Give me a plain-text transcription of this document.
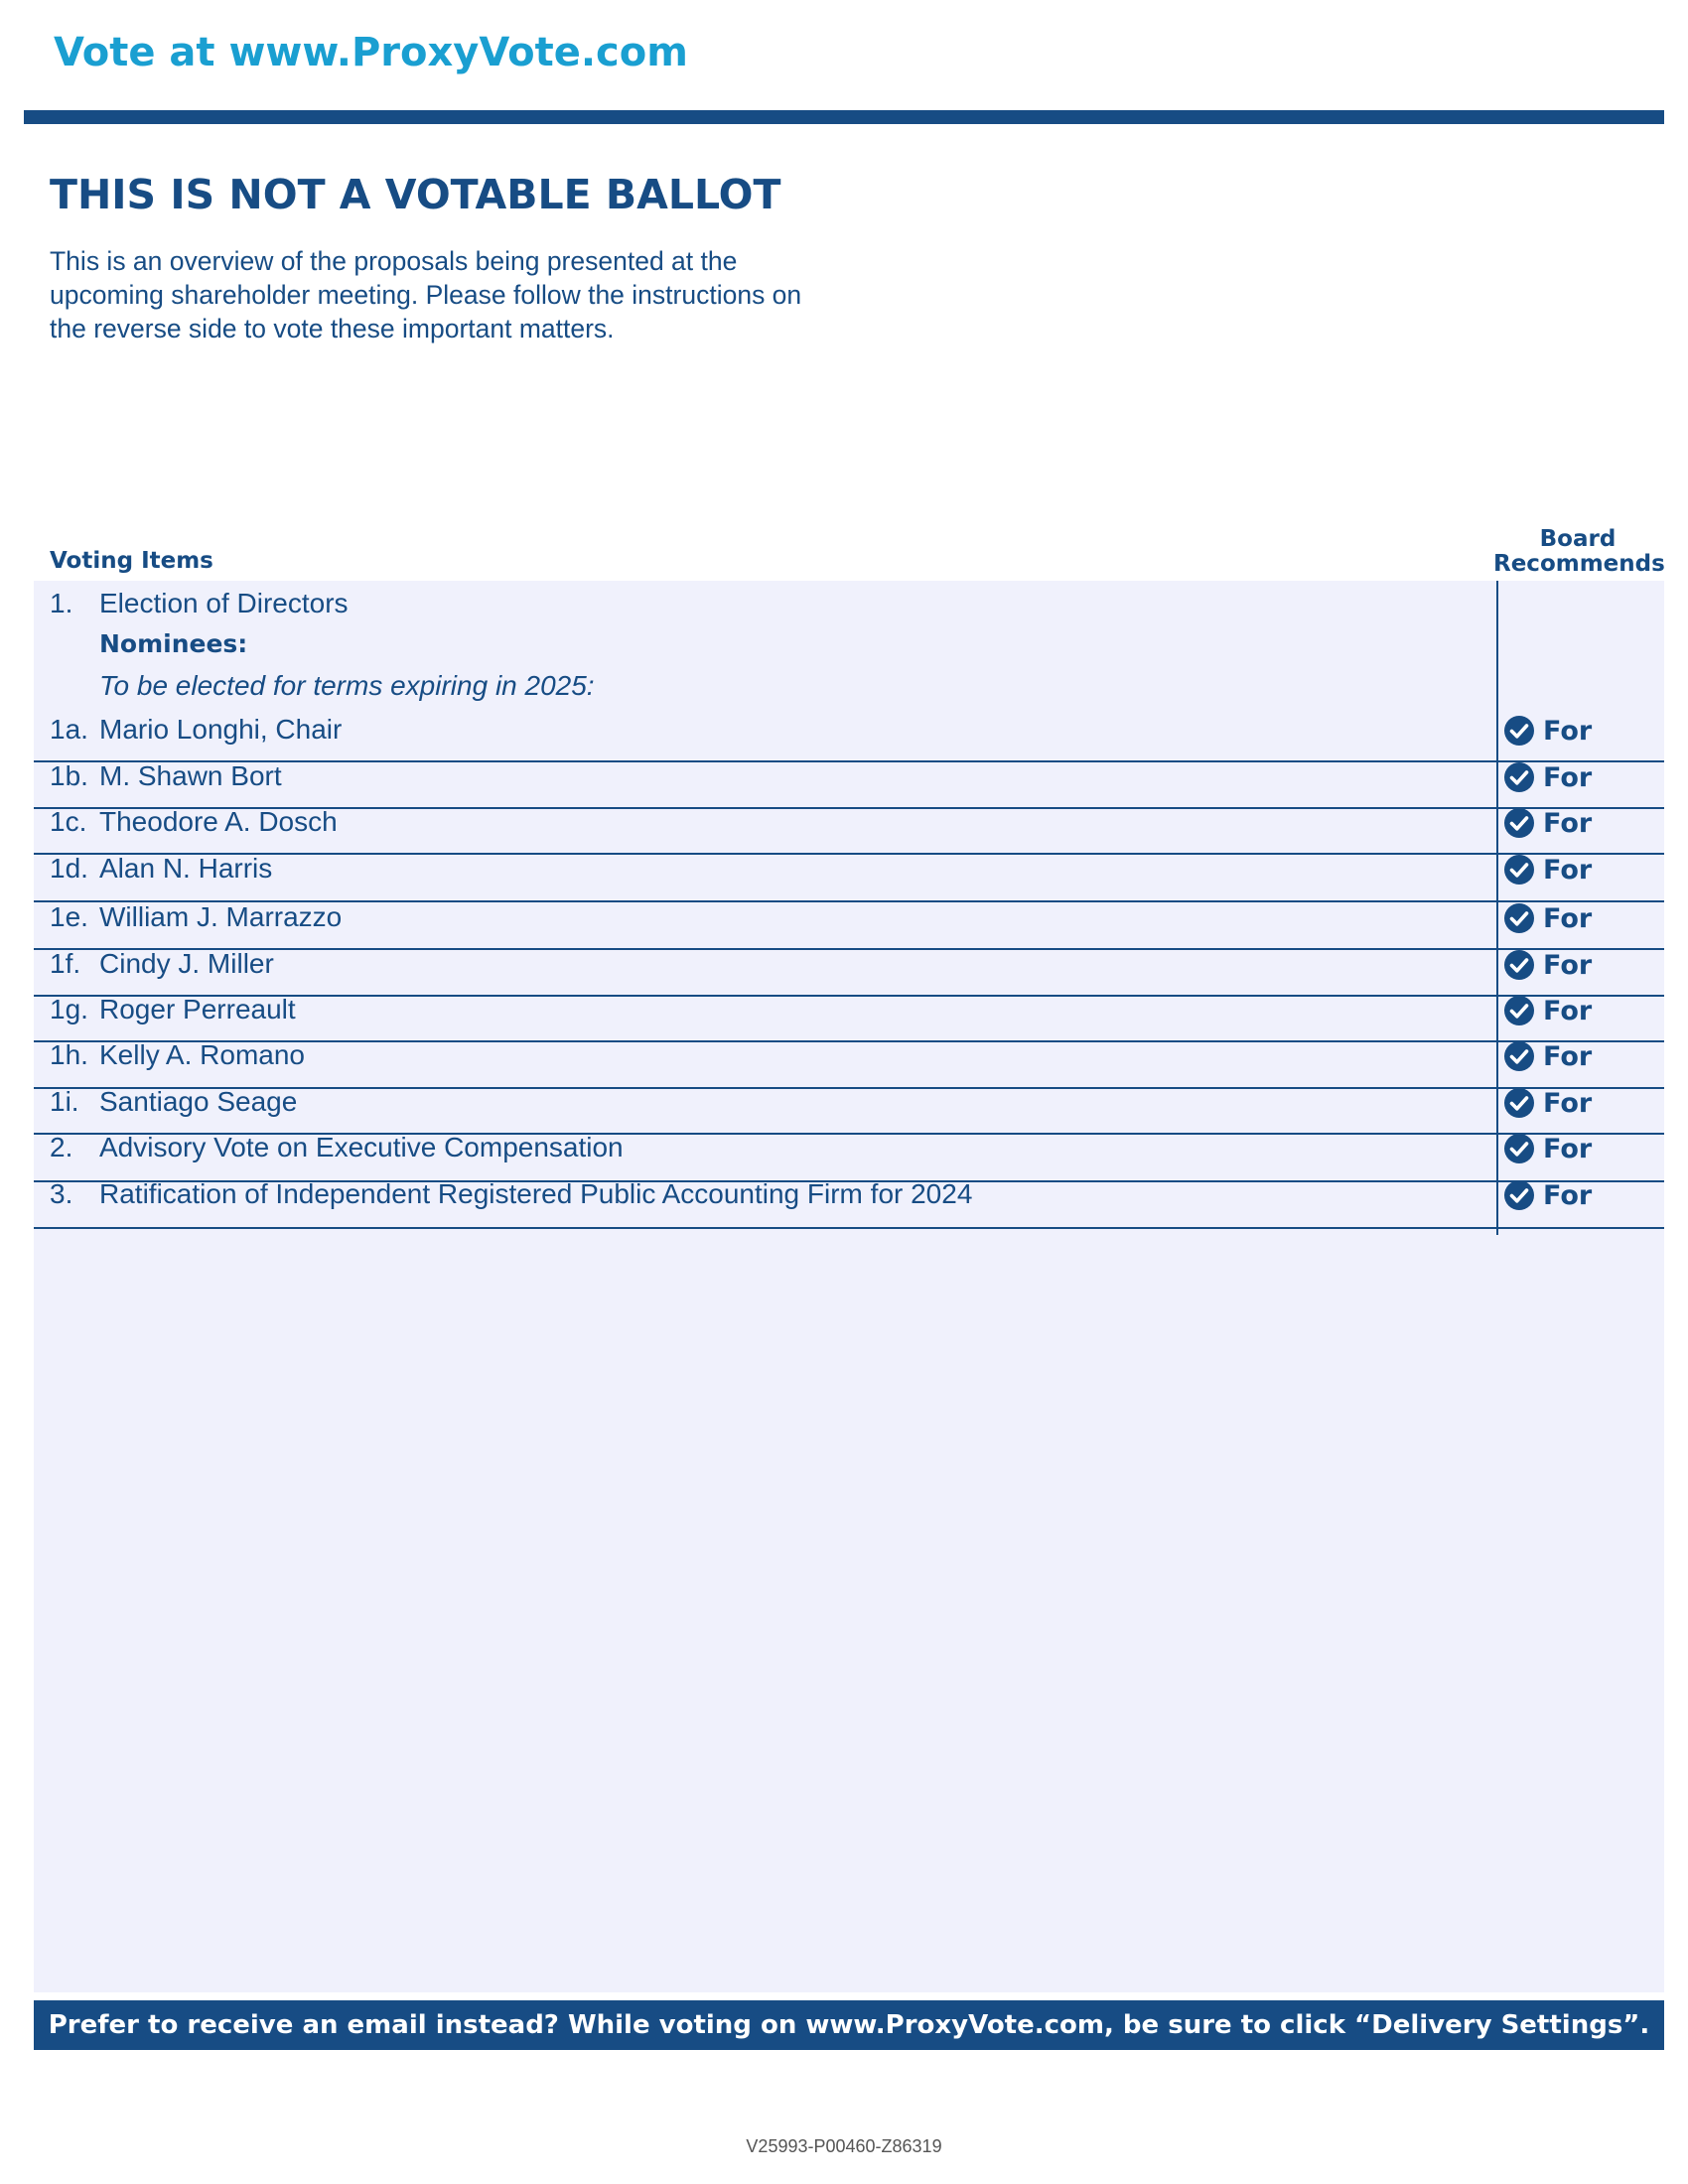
Vote at www.ProxyVote.com
THIS IS NOT A VOTABLE BALLOT
This is an overview of the proposals being presented at the upcoming shareholder meeting. Please follow the instructions on the reverse side to vote these important matters.
Voting Items
Board Recommends
1. Election of Directors
Nominees:
To be elected for terms expiring in 2025:
1a. Mario Longhi, Chair	For
1b. M. Shawn Bort	For
1c. Theodore A. Dosch	For
1d. Alan N. Harris	For
1e. William J. Marrazzo	For
1f. Cindy J. Miller	For
1g. Roger Perreault	For
1h. Kelly A. Romano	For
1i. Santiago Seage	For
2. Advisory Vote on Executive Compensation	For
3. Ratification of Independent Registered Public Accounting Firm for 2024	For
Prefer to receive an email instead? While voting on www.ProxyVote.com, be sure to click “Delivery Settings”.
V25993-P00460-Z86319
